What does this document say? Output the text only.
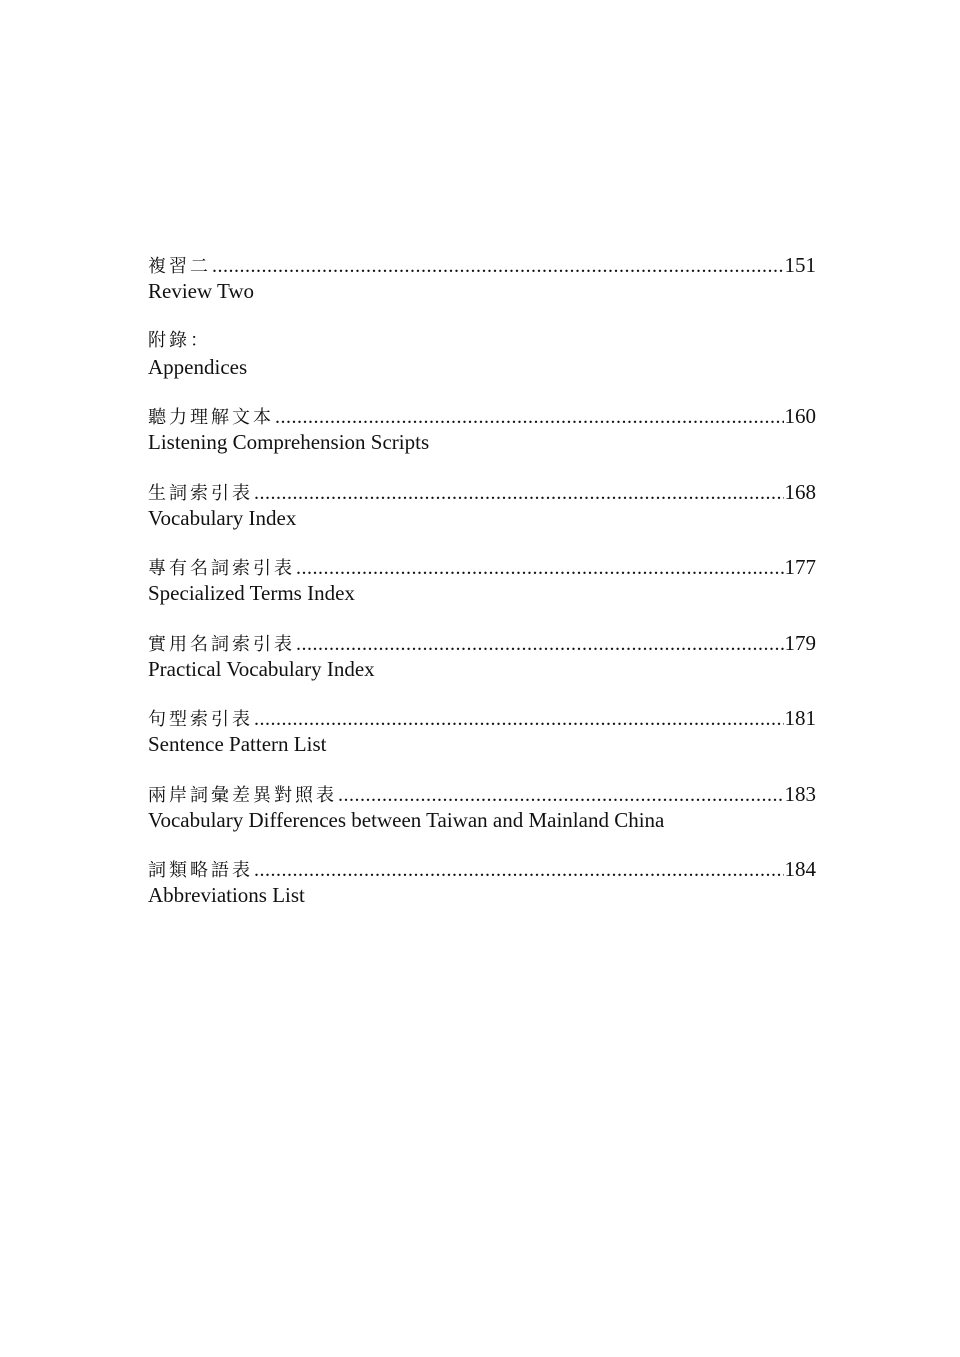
複習二 .....	151
Review Two
附錄：
Appendices
聽力理解文本 .....	160
Listening Comprehension Scripts
生詞索引表 .....	168
Vocabulary Index
專有名詞索引表 .....	177
Specialized Terms Index
實用名詞索引表 .....	179
Practical Vocabulary Index
句型索引表 .....	181
Sentence Pattern List
兩岸詞彙差異對照表 .....	183
Vocabulary Differences between Taiwan and Mainland China
詞類略語表 .....	184
Abbreviations List
